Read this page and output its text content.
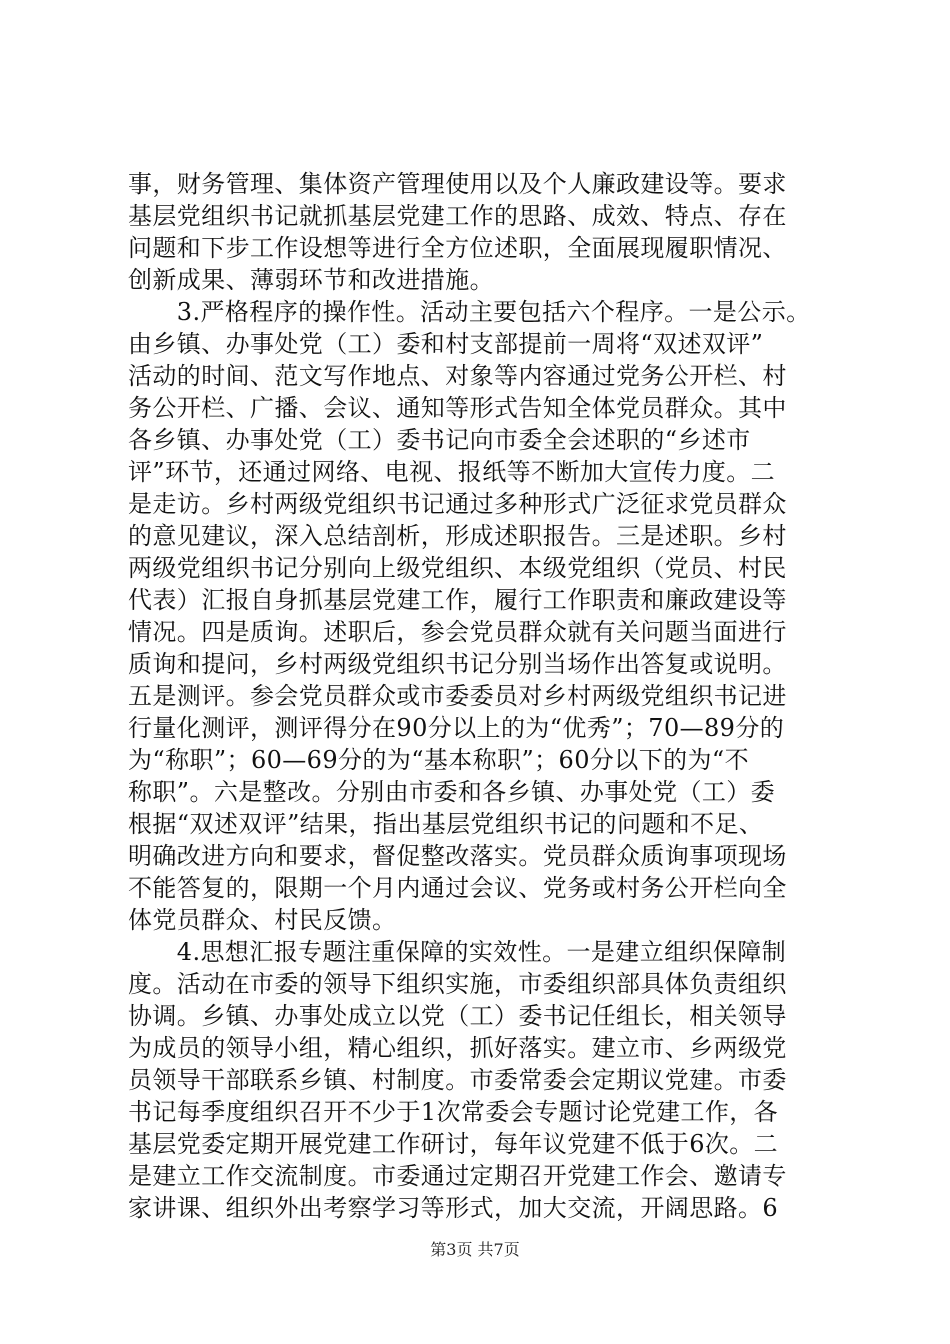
事，财务管理、集体资产管理使用以及个人廉政建设等。要求
基层党组织书记就抓基层党建工作的思路、成效、特点、存在
问题和下步工作设想等进行全方位述职，全面展现履职情况、
创新成果、薄弱环节和改进措施。
　　3.严格程序的操作性。活动主要包括六个程序。一是公示。
由乡镇、办事处党（工）委和村支部提前一周将“双述双评”
活动的时间、范文写作地点、对象等内容通过党务公开栏、村
务公开栏、广播、会议、通知等形式告知全体党员群众。其中
各乡镇、办事处党（工）委书记向市委全会述职的“乡述市
评”环节，还通过网络、电视、报纸等不断加大宣传力度。二
是走访。乡村两级党组织书记通过多种形式广泛征求党员群众
的意见建议，深入总结剖析，形成述职报告。三是述职。乡村
两级党组织书记分别向上级党组织、本级党组织（党员、村民
代表）汇报自身抓基层党建工作，履行工作职责和廉政建设等
情况。四是质询。述职后，参会党员群众就有关问题当面进行
质询和提问，乡村两级党组织书记分别当场作出答复或说明。
五是测评。参会党员群众或市委委员对乡村两级党组织书记进
行量化测评，测评得分在90分以上的为“优秀”；70—89分的
为“称职”；60—69分的为“基本称职”；60分以下的为“不
称职”。六是整改。分别由市委和各乡镇、办事处党（工）委
根据“双述双评”结果，指出基层党组织书记的问题和不足、
明确改进方向和要求，督促整改落实。党员群众质询事项现场
不能答复的，限期一个月内通过会议、党务或村务公开栏向全
体党员群众、村民反馈。
　　4.思想汇报专题注重保障的实效性。一是建立组织保障制
度。活动在市委的领导下组织实施，市委组织部具体负责组织
协调。乡镇、办事处成立以党（工）委书记任组长，相关领导
为成员的领导小组，精心组织，抓好落实。建立市、乡两级党
员领导干部联系乡镇、村制度。市委常委会定期议党建。市委
书记每季度组织召开不少于1次常委会专题讨论党建工作，各
基层党委定期开展党建工作研讨，每年议党建不低于6次。二
是建立工作交流制度。市委通过定期召开党建工作会、邀请专
家讲课、组织外出考察学习等形式，加大交流，开阔思路。6
第3页 共7页
